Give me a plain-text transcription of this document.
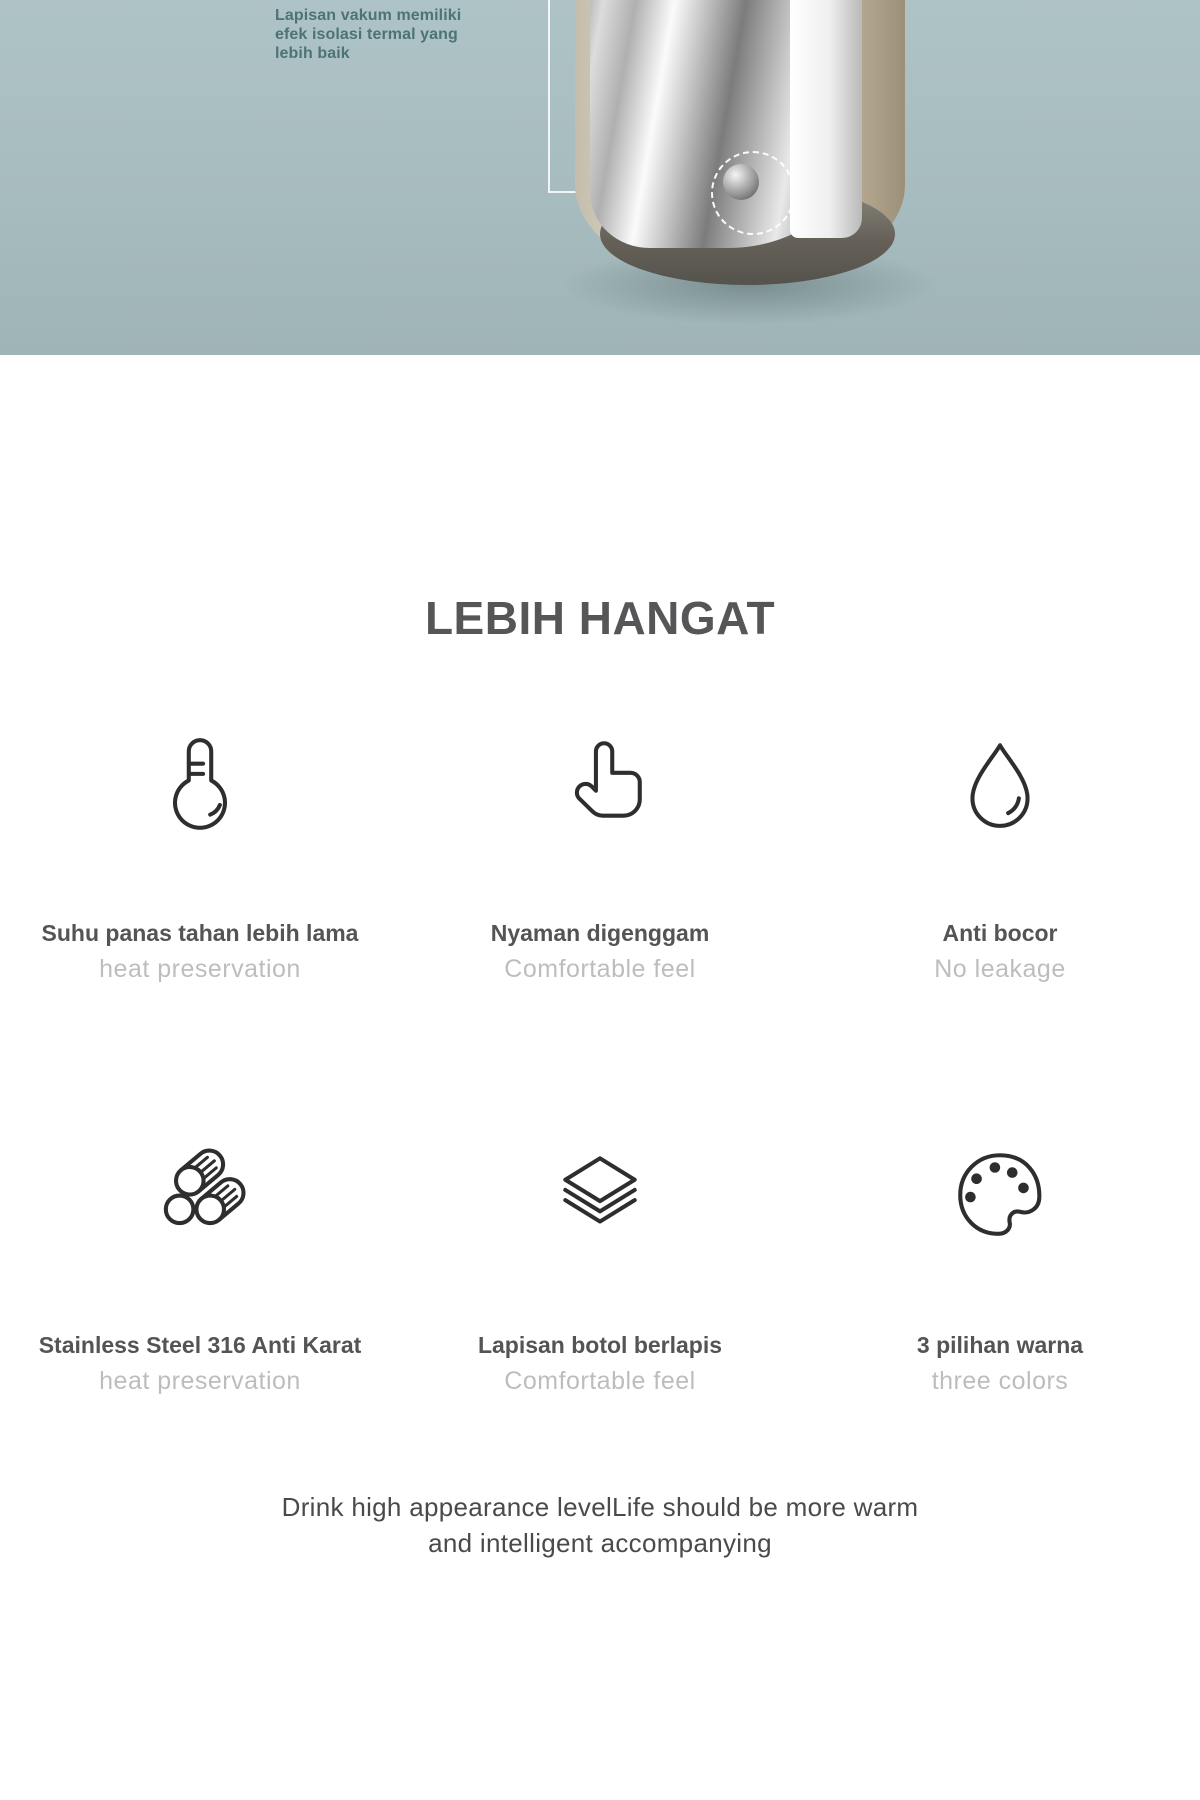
Lapisan vakum memiliki
efek isolasi termal yang
lebih baik
LEBIH HANGAT
Suhu panas tahan lebih lama
heat preservation
Nyaman digenggam
Comfortable feel
Anti bocor
No leakage
Stainless Steel 316 Anti Karat
heat preservation
Lapisan botol berlapis
Comfortable feel
3 pilihan warna
three colors
Drink high appearance levelLife should be more warm
and intelligent accompanying
